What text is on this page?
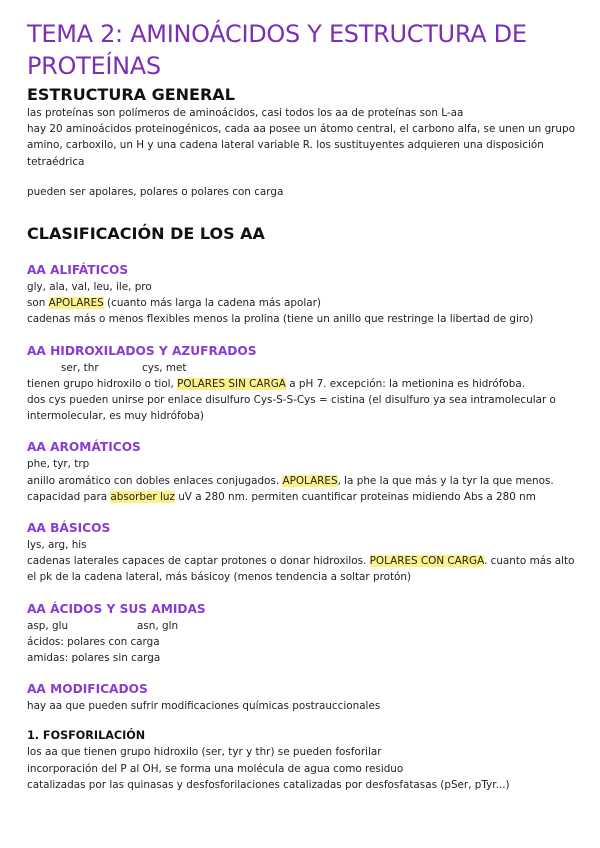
TEMA 2: AMINOÁCIDOS Y ESTRUCTURA DE PROTEÍNAS
ESTRUCTURA GENERAL

las proteínas son polímeros de aminoácidos, casi todos los aa de proteínas son L-aa

hay 20 aminoácidos proteinogénicos, cada aa posee un átomo central, el carbono alfa, se unen un grupo amino, carboxilo, un H y una cadena lateral variable R. los sustituyentes adquieren una disposición tetraédrica

pueden ser apolares, polares o polares con carga

CLASIFICACIÓN DE LOS AA
AA ALIFÁTICOS

gly, ala, val, leu, ile, pro

son APOLARES (cuanto más larga la cadena más apolar)

cadenas más o menos flexibles menos la prolina (tiene un anillo que restringe la libertad de giro)

AA HIDROXILADOS Y AZUFRADOS

ser, thr	cys, met

tienen grupo hidroxilo o tiol, POLARES SIN CARGA a pH 7. excepción: la metionina es hidrófoba.

dos cys pueden unirse por enlace disulfuro Cys-S-S-Cys = cistina (el disulfuro ya sea intramolecular o intermolecular, es muy hidrófoba)

AA AROMÁTICOS

phe, tyr, trp

anillo aromático con dobles enlaces conjugados. APOLARES, la phe la que más y la tyr la que menos.

capacidad para absorber luz uV a 280 nm. permiten cuantificar proteinas midiendo Abs a 280 nm

AA BÁSICOS

lys, arg, his

cadenas laterales capaces de captar protones o donar hidroxilos. POLARES CON CARGA. cuanto más alto el pk de la cadena lateral, más básicoy (menos tendencia a soltar protón)

AA ÁCIDOS Y SUS AMIDAS

asp, glu	asn, gln

ácidos: polares con carga

amidas: polares sin carga

AA MODIFICADOS

hay aa que pueden sufrir modificaciones químicas postrauccionales

1. FOSFORILACIÓN

los aa que tienen grupo hidroxilo (ser, tyr y thr) se pueden fosforilar

incorporación del P al OH, se forma una molécula de agua como residuo

catalizadas por las quinasas y desfosforilaciones catalizadas por desfosfatasas (pSer, pTyr...)
